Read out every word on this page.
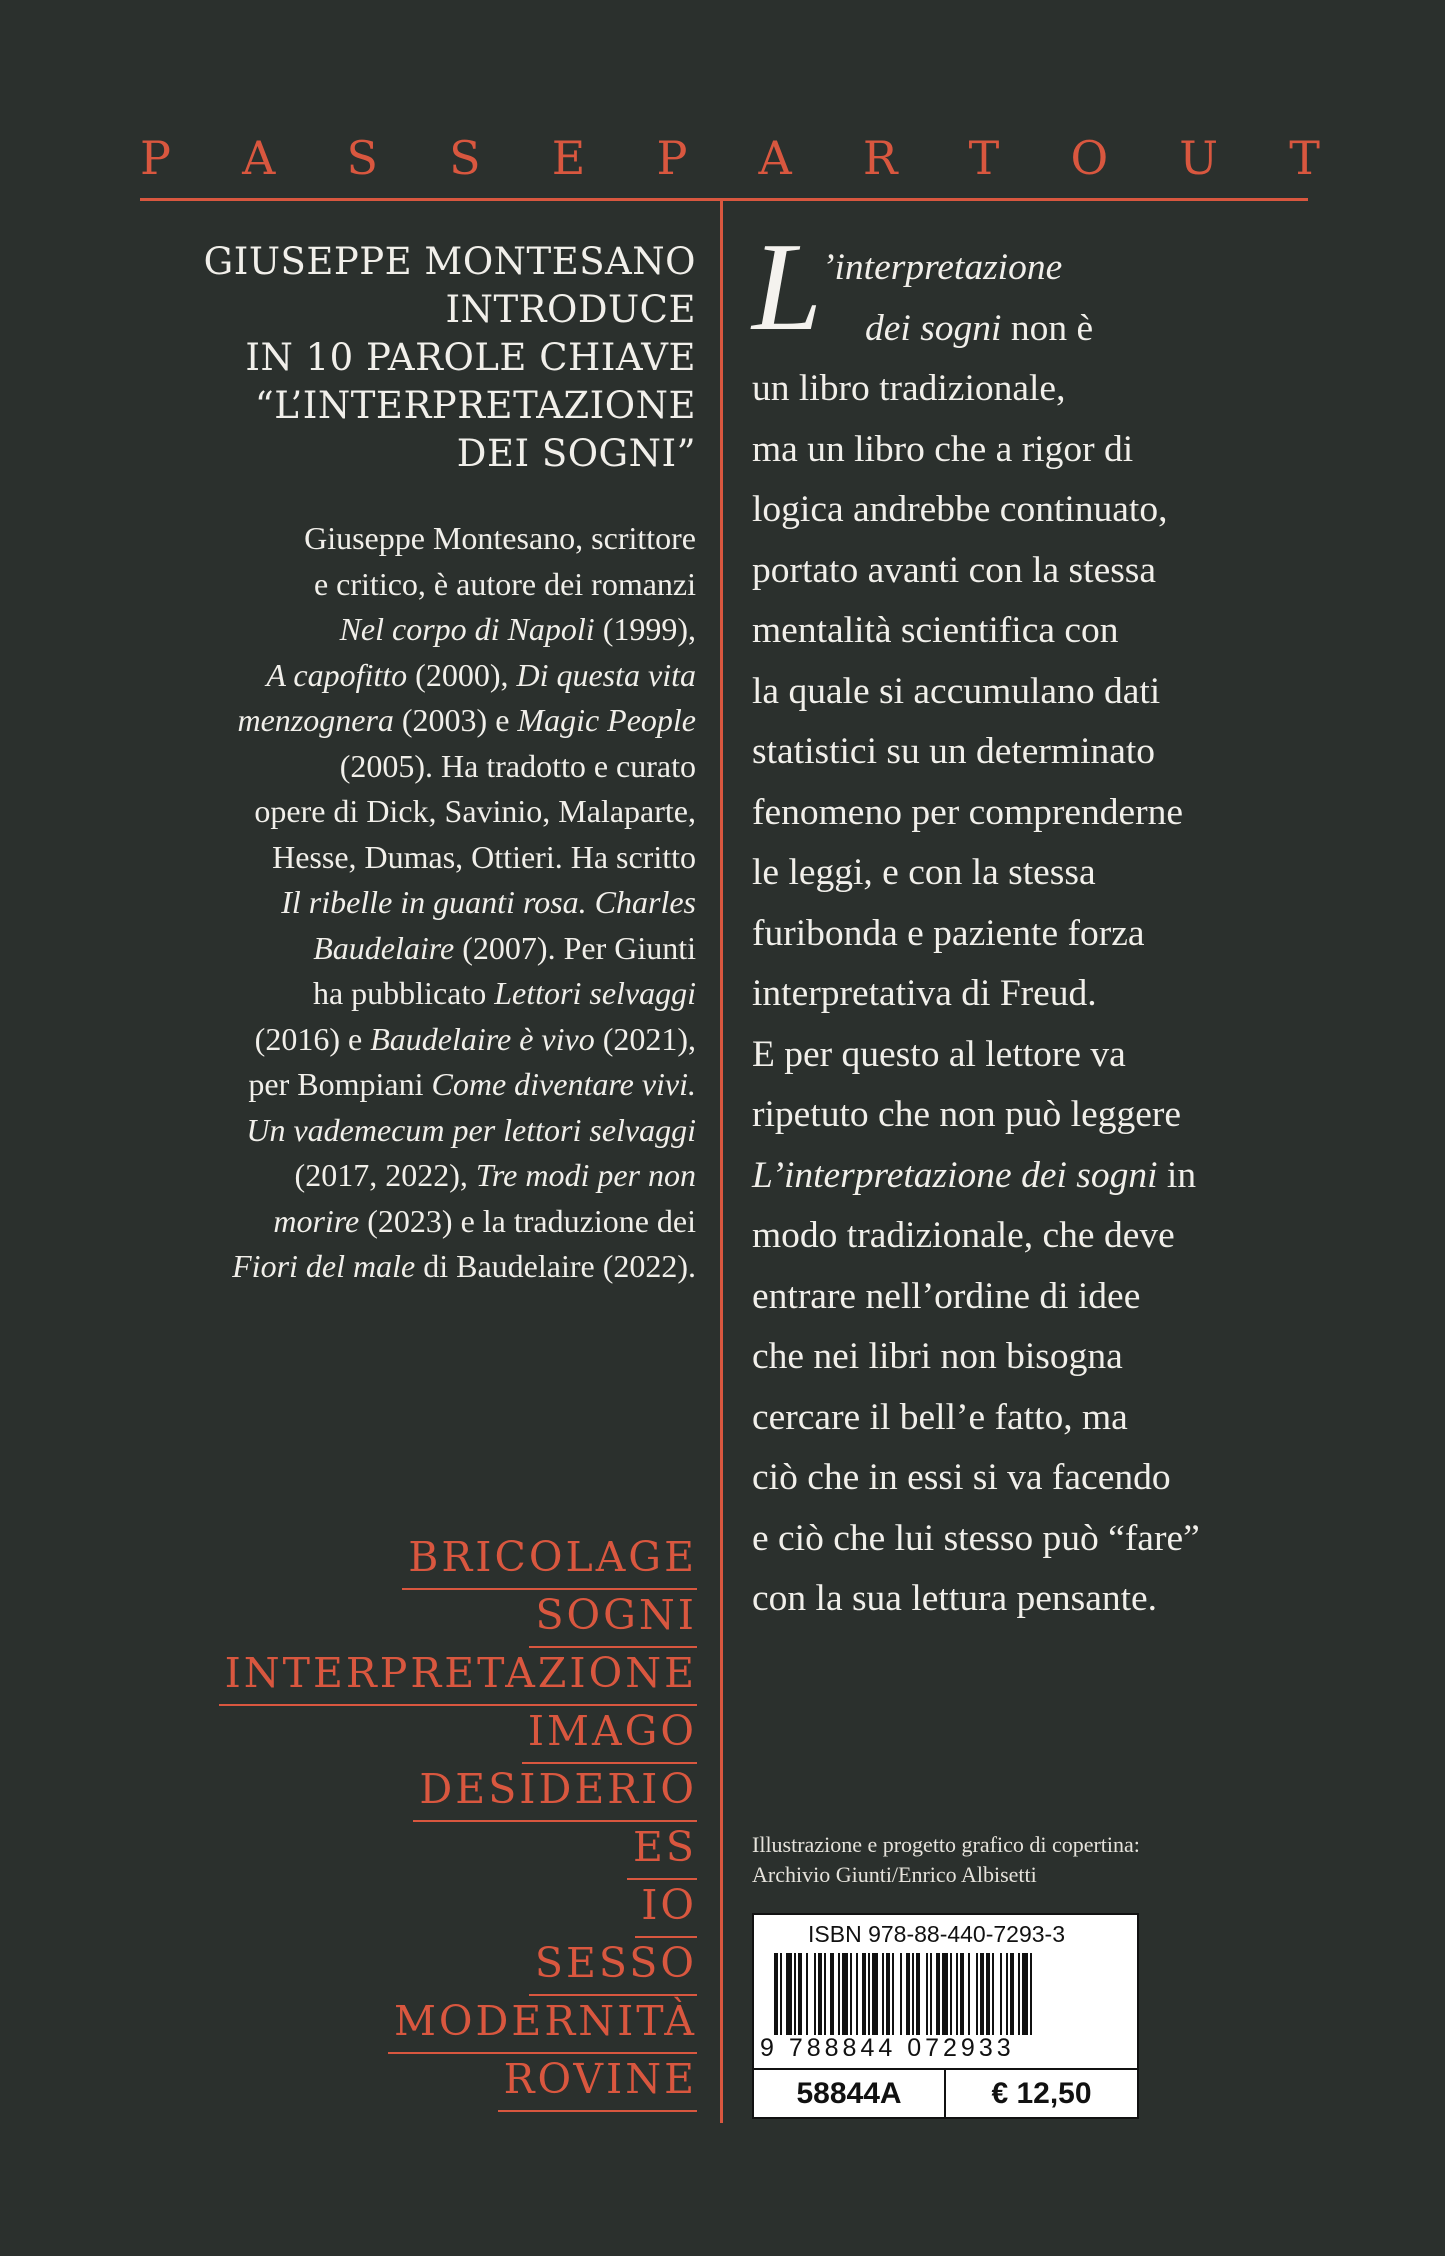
P A S S E P A R T O U T
GIUSEPPE MONTESANO
INTRODUCE
IN 10 PAROLE CHIAVE
“L’INTERPRETAZIONE
DEI SOGNI”
Giuseppe Montesano, scrittore
e critico, è autore dei romanzi
Nel corpo di Napoli (1999),
A capofitto (2000), Di questa vita
menzognera (2003) e Magic People
(2005). Ha tradotto e curato
opere di Dick, Savinio, Malaparte,
Hesse, Dumas, Ottieri. Ha scritto
Il ribelle in guanti rosa. Charles
Baudelaire (2007). Per Giunti
ha pubblicato Lettori selvaggi
(2016) e Baudelaire è vivo (2021),
per Bompiani Come diventare vivi.
Un vademecum per lettori selvaggi
(2017, 2022), Tre modi per non
morire (2023) e la traduzione dei
Fiori del male di Baudelaire (2022).
BRICOLAGE
SOGNI
INTERPRETAZIONE
IMAGO
DESIDERIO
ES
IO
SESSO
MODERNITÀ
ROVINE
L ’interpretazione
dei sogni non è
un libro tradizionale,
ma un libro che a rigor di
logica andrebbe continuato,
portato avanti con la stessa
mentalità scientifica con
la quale si accumulano dati
statistici su un determinato
fenomeno per comprenderne
le leggi, e con la stessa
furibonda e paziente forza
interpretativa di Freud.
E per questo al lettore va
ripetuto che non può leggere
L’interpretazione dei sogni in
modo tradizionale, che deve
entrare nell’ordine di idee
che nei libri non bisogna
cercare il bell’e fatto, ma
ciò che in essi si va facendo
e ciò che lui stesso può “fare”
con la sua lettura pensante.
Illustrazione e progetto grafico di copertina:
Archivio Giunti/Enrico Albisetti
ISBN 978-88-440-7293-3
9 788844 072933
58844A	€ 12,50
